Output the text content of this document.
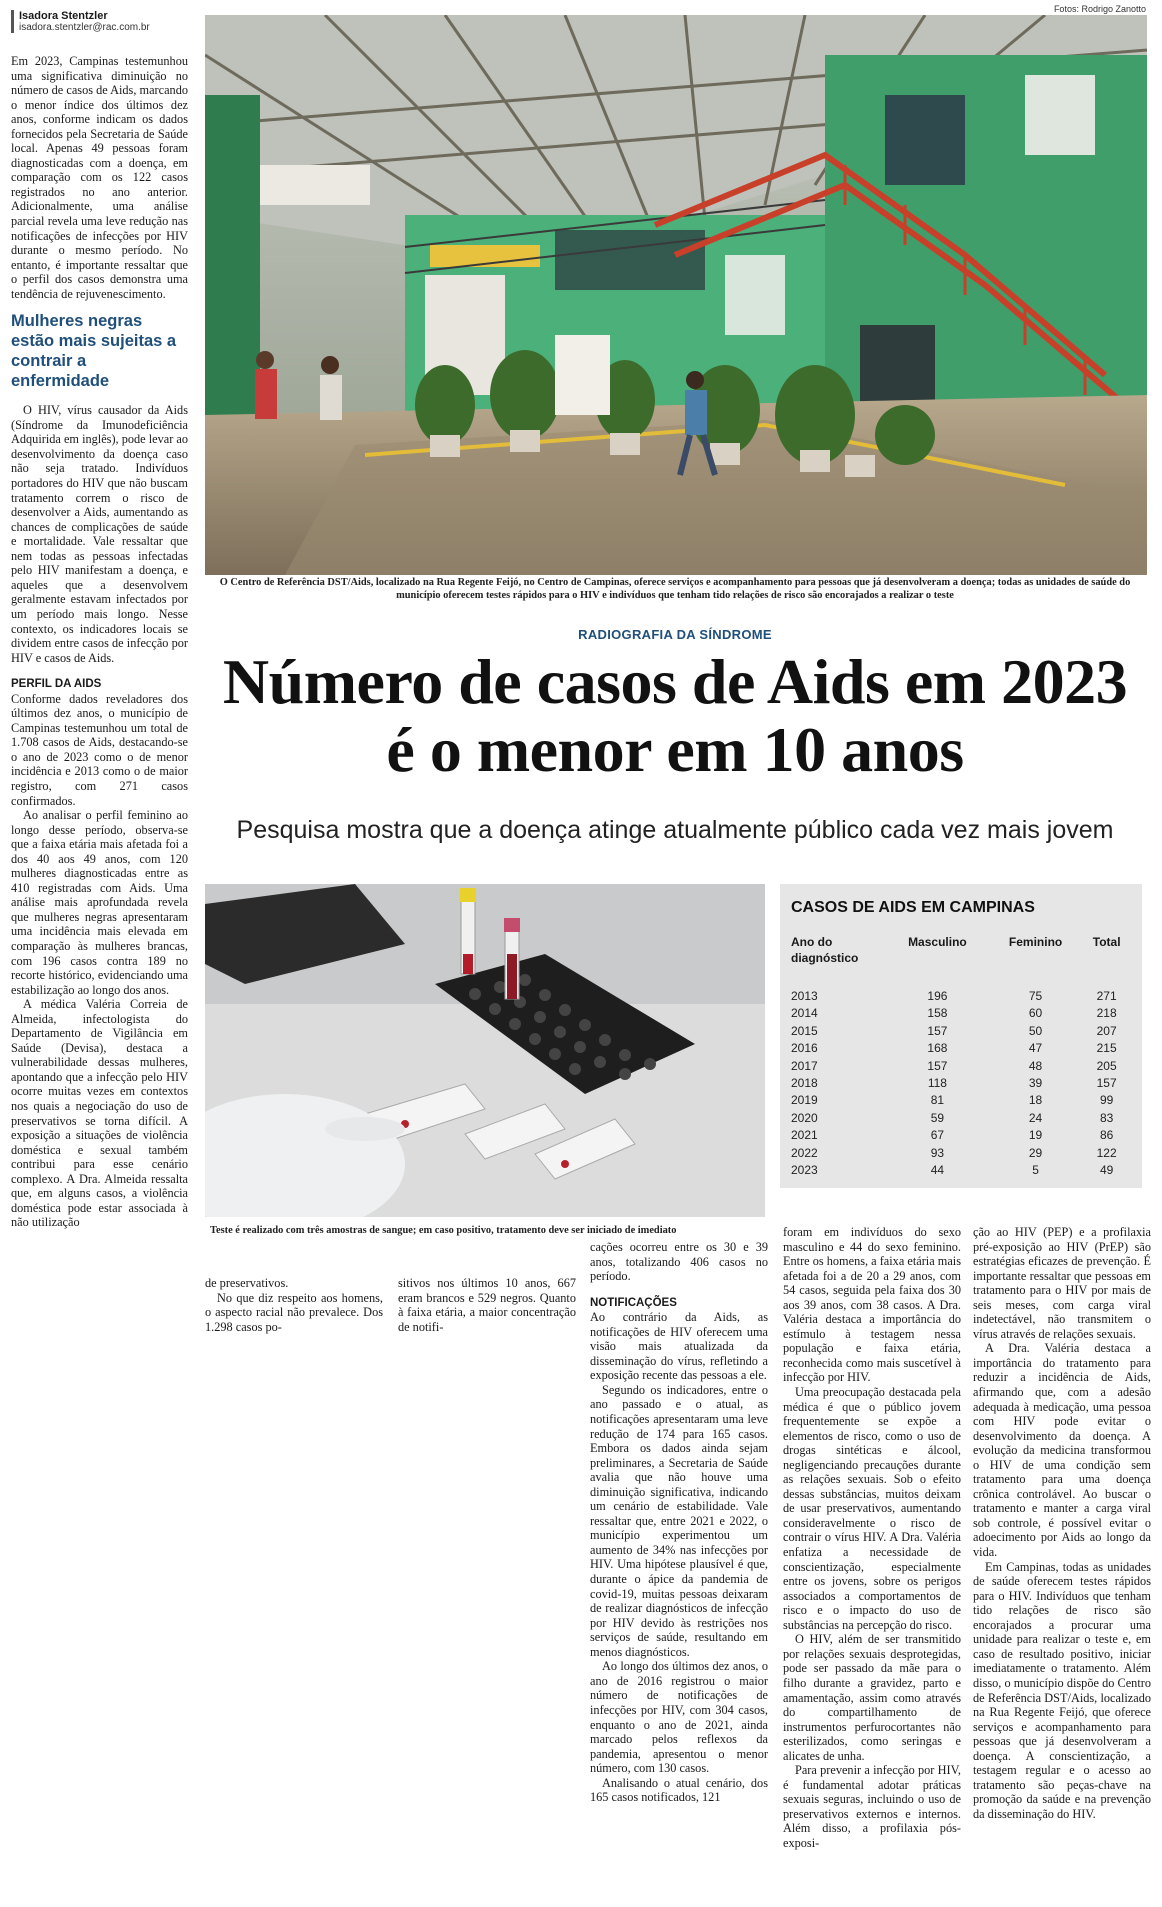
Isadora Stentzler
isadora.stentzler@rac.com.br

Em 2023, Campinas testemunhou uma significativa diminuição no número de casos de Aids, marcando o menor índice dos últimos dez anos, conforme indicam os dados fornecidos pela Secretaria de Saúde local. Apenas 49 pessoas foram diagnosticadas com a doença, em comparação com os 122 casos registrados no ano anterior. Adicionalmente, uma análise parcial revela uma leve redução nas notificações de infecções por HIV durante o mesmo período. No entanto, é importante ressaltar que o perfil dos casos demonstra uma tendência de rejuvenescimento.

Mulheres negras estão mais sujeitas a contrair a enfermidade

O HIV, vírus causador da Aids (Síndrome da Imunodeficiência Adquirida em inglês), pode levar ao desenvolvimento da doença caso não seja tratado. Indivíduos portadores do HIV que não buscam tratamento correm o risco de desenvolver a Aids, aumentando as chances de complicações de saúde e mortalidade. Vale ressaltar que nem todas as pessoas infectadas pelo HIV manifestam a doença, e aqueles que a desenvolvem geralmente estavam infectados por um período mais longo. Nesse contexto, os indicadores locais se dividem entre casos de infecção por HIV e casos de Aids.

PERFIL DA AIDS

Conforme dados reveladores dos últimos dez anos, o município de Campinas testemunhou um total de 1.708 casos de Aids, destacando-se o ano de 2023 como o de menor incidência e 2013 como o de maior registro, com 271 casos confirmados.

Ao analisar o perfil feminino ao longo desse período, observa-se que a faixa etária mais afetada foi a dos 40 aos 49 anos, com 120 mulheres diagnosticadas entre as 410 registradas com Aids. Uma análise mais aprofundada revela que mulheres negras apresentaram uma incidência mais elevada em comparação às mulheres brancas, com 196 casos contra 189 no recorte histórico, evidenciando uma estabilização ao longo dos anos.

A médica Valéria Correia de Almeida, infectologista do Departamento de Vigilância em Saúde (Devisa), destaca a vulnerabilidade dessas mulheres, apontando que a infecção pelo HIV ocorre muitas vezes em contextos nos quais a negociação do uso de preservativos se torna difícil. A exposição a situações de violência doméstica e sexual também contribui para esse cenário complexo. A Dra. Almeida ressalta que, em alguns casos, a violência doméstica pode estar associada à não utilização

Fotos: Rodrigo Zanotto
O Centro de Referência DST/Aids, localizado na Rua Regente Feijó, no Centro de Campinas, oferece serviços e acompanhamento para pessoas que já desenvolveram a doença; todas as unidades de saúde do município oferecem testes rápidos para o HIV e indivíduos que tenham tido relações de risco são encorajados a realizar o teste
RADIOGRAFIA DA SÍNDROME
Número de casos de Aids em 2023 é o menor em 10 anos
Pesquisa mostra que a doença atinge atualmente público cada vez mais jovem
Teste é realizado com três amostras de sangue; em caso positivo, tratamento deve ser iniciado de imediato
CASOS DE AIDS EM CAMPINAS
Ano do diagnóstico	Masculino	Feminino	Total
2013	196	75	271
2014	158	60	218
2015	157	50	207
2016	168	47	215
2017	157	48	205
2018	118	39	157
2019	81	18	99
2020	59	24	83
2021	67	19	86
2022	93	29	122
2023	44	5	49

de preservativos.

No que diz respeito aos homens, o aspecto racial não prevalece. Dos 1.298 casos po-

sitivos nos últimos 10 anos, 667 eram brancos e 529 negros. Quanto à faixa etária, a maior concentração de notifi-

cações ocorreu entre os 30 e 39 anos, totalizando 406 casos no período.

NOTIFICAÇÕES

Ao contrário da Aids, as notificações de HIV oferecem uma visão mais atualizada da disseminação do vírus, refletindo a exposição recente das pessoas a ele.

Segundo os indicadores, entre o ano passado e o atual, as notificações apresentaram uma leve redução de 174 para 165 casos. Embora os dados ainda sejam preliminares, a Secretaria de Saúde avalia que não houve uma diminuição significativa, indicando um cenário de estabilidade. Vale ressaltar que, entre 2021 e 2022, o município experimentou um aumento de 34% nas infecções por HIV. Uma hipótese plausível é que, durante o ápice da pandemia de covid-19, muitas pessoas deixaram de realizar diagnósticos de infecção por HIV devido às restrições nos serviços de saúde, resultando em menos diagnósticos.

Ao longo dos últimos dez anos, o ano de 2016 registrou o maior número de notificações de infecções por HIV, com 304 casos, enquanto o ano de 2021, ainda marcado pelos reflexos da pandemia, apresentou o menor número, com 130 casos.

Analisando o atual cenário, dos 165 casos notificados, 121

foram em indivíduos do sexo masculino e 44 do sexo feminino. Entre os homens, a faixa etária mais afetada foi a de 20 a 29 anos, com 54 casos, seguida pela faixa dos 30 aos 39 anos, com 38 casos. A Dra. Valéria destaca a importância do estímulo à testagem nessa população e faixa etária, reconhecida como mais suscetível à infecção por HIV.

Uma preocupação destacada pela médica é que o público jovem frequentemente se expõe a elementos de risco, como o uso de drogas sintéticas e álcool, negligenciando precauções durante as relações sexuais. Sob o efeito dessas substâncias, muitos deixam de usar preservativos, aumentando consideravelmente o risco de contrair o vírus HIV. A Dra. Valéria enfatiza a necessidade de conscientização, especialmente entre os jovens, sobre os perigos associados a comportamentos de risco e o impacto do uso de substâncias na percepção do risco.

O HIV, além de ser transmitido por relações sexuais desprotegidas, pode ser passado da mãe para o filho durante a gravidez, parto e amamentação, assim como através do compartilhamento de instrumentos perfurocortantes não esterilizados, como seringas e alicates de unha.

Para prevenir a infecção por HIV, é fundamental adotar práticas sexuais seguras, incluindo o uso de preservativos externos e internos. Além disso, a profilaxia pós-exposi-

ção ao HIV (PEP) e a profilaxia pré-exposição ao HIV (PrEP) são estratégias eficazes de prevenção. É importante ressaltar que pessoas em tratamento para o HIV por mais de seis meses, com carga viral indetectável, não transmitem o vírus através de relações sexuais.

A Dra. Valéria destaca a importância do tratamento para reduzir a incidência de Aids, afirmando que, com a adesão adequada à medicação, uma pessoa com HIV pode evitar o desenvolvimento da doença. A evolução da medicina transformou o HIV de uma condição sem tratamento para uma doença crônica controlável. Ao buscar o tratamento e manter a carga viral sob controle, é possível evitar o adoecimento por Aids ao longo da vida.

Em Campinas, todas as unidades de saúde oferecem testes rápidos para o HIV. Indivíduos que tenham tido relações de risco são encorajados a procurar uma unidade para realizar o teste e, em caso de resultado positivo, iniciar imediatamente o tratamento. Além disso, o município dispõe do Centro de Referência DST/Aids, localizado na Rua Regente Feijó, que oferece serviços e acompanhamento para pessoas que já desenvolveram a doença. A conscientização, a testagem regular e o acesso ao tratamento são peças-chave na promoção da saúde e na prevenção da disseminação do HIV.
